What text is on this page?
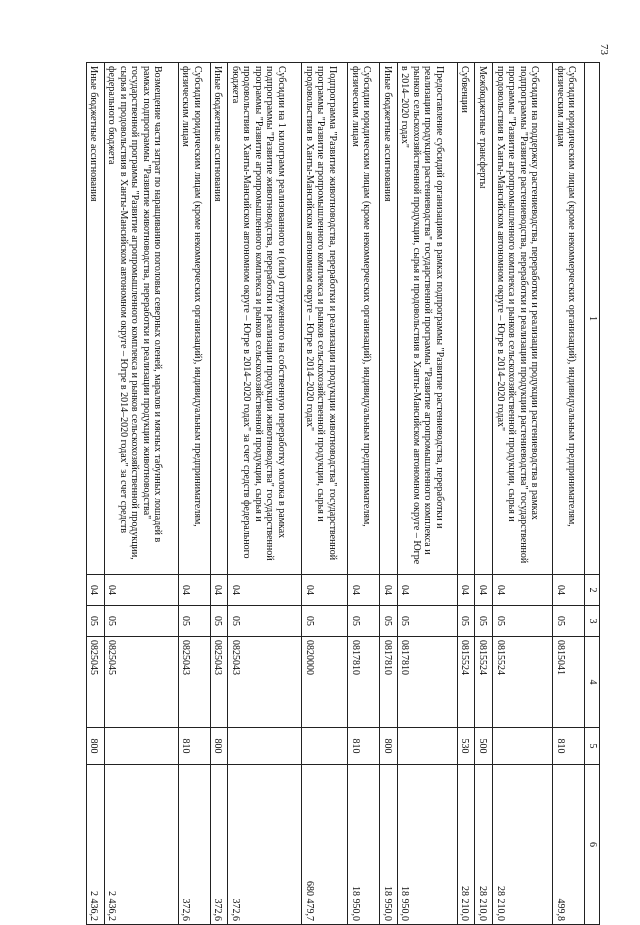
73
1	2	3	4	5	6
Субсидии юридическим лицам (кроме некоммерческих организаций), индивидуальным предпринимателям, физическим лицам	04	05	0815041	810	499,8
Субсидии на поддержку растениеводства, переработки и реализации продукции растениеводства в рамках подпрограммы "Развитие растениеводства, переработки и реализации продукции растениеводства" государственной программы "Развитие агропромышленного комплекса и рынков сельскохозяйственной продукции, сырья и продовольствия в Ханты-Мансийском автономном округе – Югре в 2014–2020 годах"	04	05	0815524		28 210,0
Межбюджетные трансферты	04	05	0815524	500	28 210,0
Субвенции	04	05	0815524	530	28 210,0
Предоставление субсидий организациям в рамках подпрограммы "Развитие растениеводства, переработки и реализации продукции растениеводства" государственной программы "Развитие агропромышленного комплекса и рынков сельскохозяйственной продукции, сырья и продовольствия в Ханты-Мансийском автономном округе – Югре в 2014–2020 годах"	04	05	0817810		18 950,0
Иные бюджетные ассигнования	04	05	0817810	800	18 950,0
Субсидии юридическим лицам (кроме некоммерческих организаций), индивидуальным предпринимателям, физическим лицам	04	05	0817810	810	18 950,0
Подпрограмма "Развитие животноводства, переработки и реализации продукции животноводства" государственной программы "Развитие агропромышленного комплекса и рынков сельскохозяйственной продукции, сырья и продовольствия в Ханты-Мансийском автономном округе – Югре в 2014–2020 годах"	04	05	0820000		680 479,7
Субсидии на 1 килограмм реализованного и (или) отгруженного на собственную переработку молока в рамках подпрограммы "Развитие животноводства, переработки и реализации продукции животноводства" государственной программы "Развитие агропромышленного комплекса и рынков сельскохозяйственной продукции, сырья и продовольствия в Ханты-Мансийском автономном округе – Югре в 2014–2020 годах" за счет средств федерального бюджета	04	05	0825043		372,6
Иные бюджетные ассигнования	04	05	0825043	800	372,6
Субсидии юридическим лицам (кроме некоммерческих организаций), индивидуальным предпринимателям, физическим лицам	04	05	0825043	810	372,6
Возмещение части затрат по наращиванию поголовья северных оленей, маралов и мясных табунных лошадей в рамках подпрограммы "Развитие животноводства, переработки и реализации продукции животноводства" государственной программы "Развитие агропромышленного комплекса и рынков сельскохозяйственной продукции, сырья и продовольствия в Ханты-Мансийском автономном округе – Югре в 2014–2020 годах" за счет средств федерального бюджета	04	05	0825045		2 436,2
Иные бюджетные ассигнования	04	05	0825045	800	2 436,2
